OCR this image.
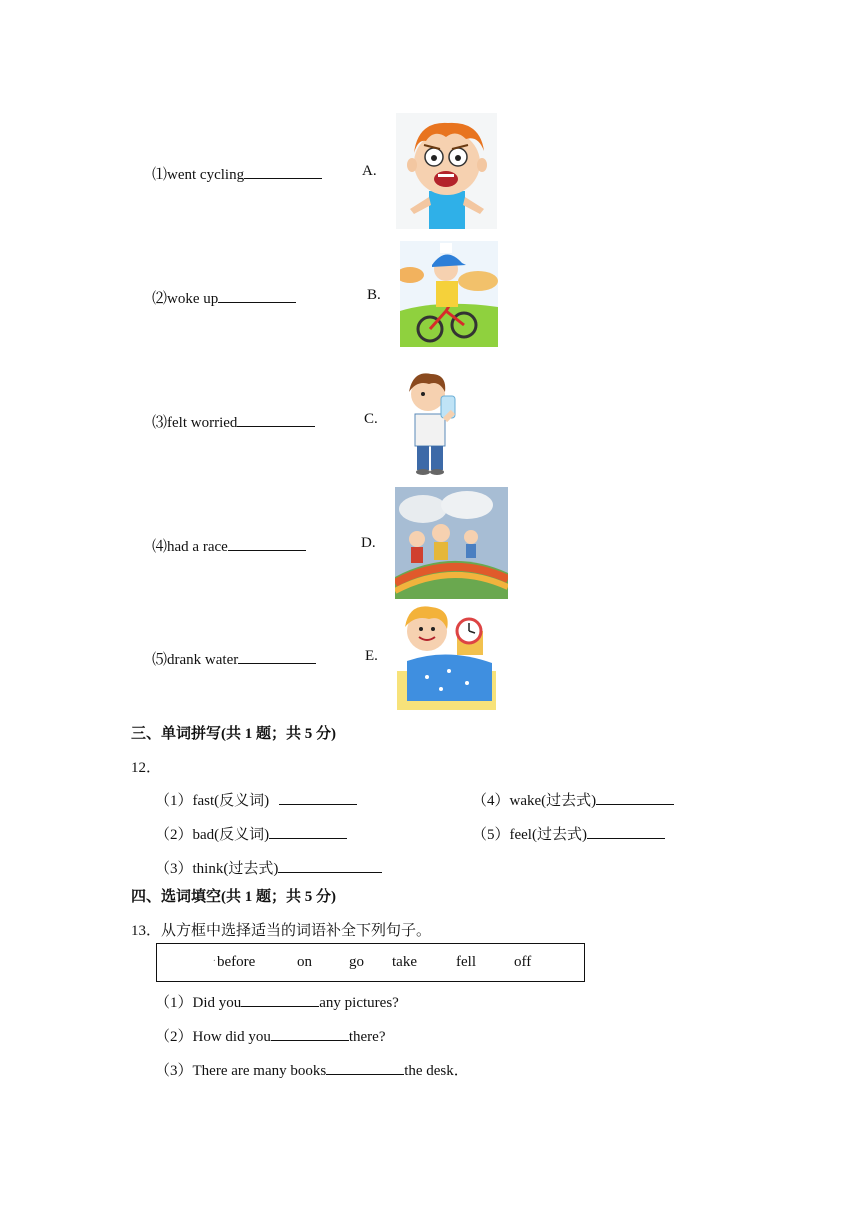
⑴went cycling	A.
⑵woke up	B.
⑶felt worried	C.
⑷had a race	D.
⑸drank water	E.
三、单词拼写(共 1 题；共 5 分)
12．
（1）fast(反义词)
（2）bad(反义词)
（3）think(过去式)
（4）wake(过去式)
（5）feel(过去式)
四、选词填空(共 1 题；共 5 分)
13．从方框中选择适当的词语补全下列句子。
. before	on go take	fell	off
（1）Did you	any pictures?
（2）How did you	there?
（3）There are many books	the desk．
